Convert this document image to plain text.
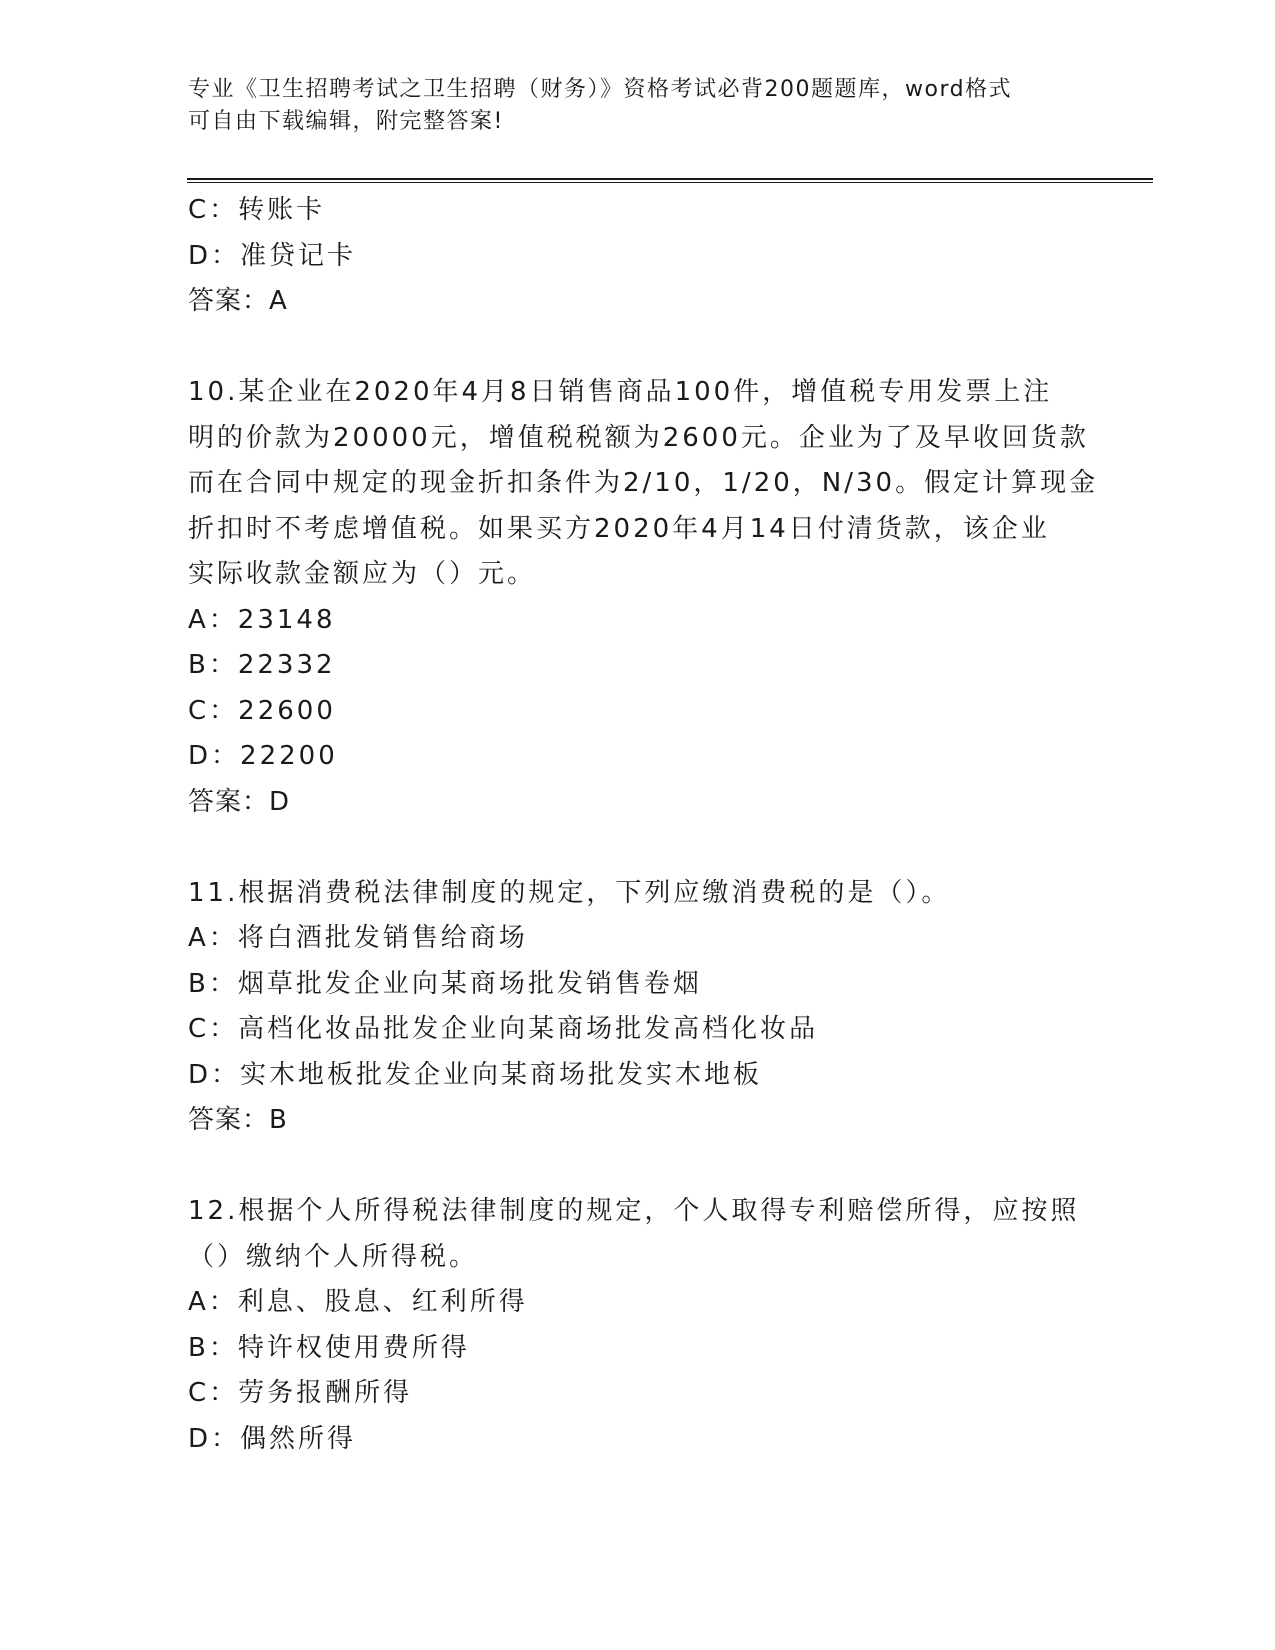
专业《卫生招聘考试之卫生招聘（财务）》资格考试必背200题题库，word格式
可自由下载编辑，附完整答案!
C：转账卡
D：准贷记卡
答案：A
10.某企业在2020年4月8日销售商品100件，增值税专用发票上注
明的价款为20000元，增值税税额为2600元。企业为了及早收回货款
而在合同中规定的现金折扣条件为2/10，1/20，N/30。假定计算现金
折扣时不考虑增值税。如果买方2020年4月14日付清货款，该企业
实际收款金额应为（）元。
A：23148
B：22332
C：22600
D：22200
答案：D
11.根据消费税法律制度的规定，下列应缴消费税的是（）。
A：将白酒批发销售给商场
B：烟草批发企业向某商场批发销售卷烟
C：高档化妆品批发企业向某商场批发高档化妆品
D：实木地板批发企业向某商场批发实木地板
答案：B
12.根据个人所得税法律制度的规定，个人取得专利赔偿所得，应按照
（）缴纳个人所得税。
A：利息、股息、红利所得
B：特许权使用费所得
C：劳务报酬所得
D：偶然所得
